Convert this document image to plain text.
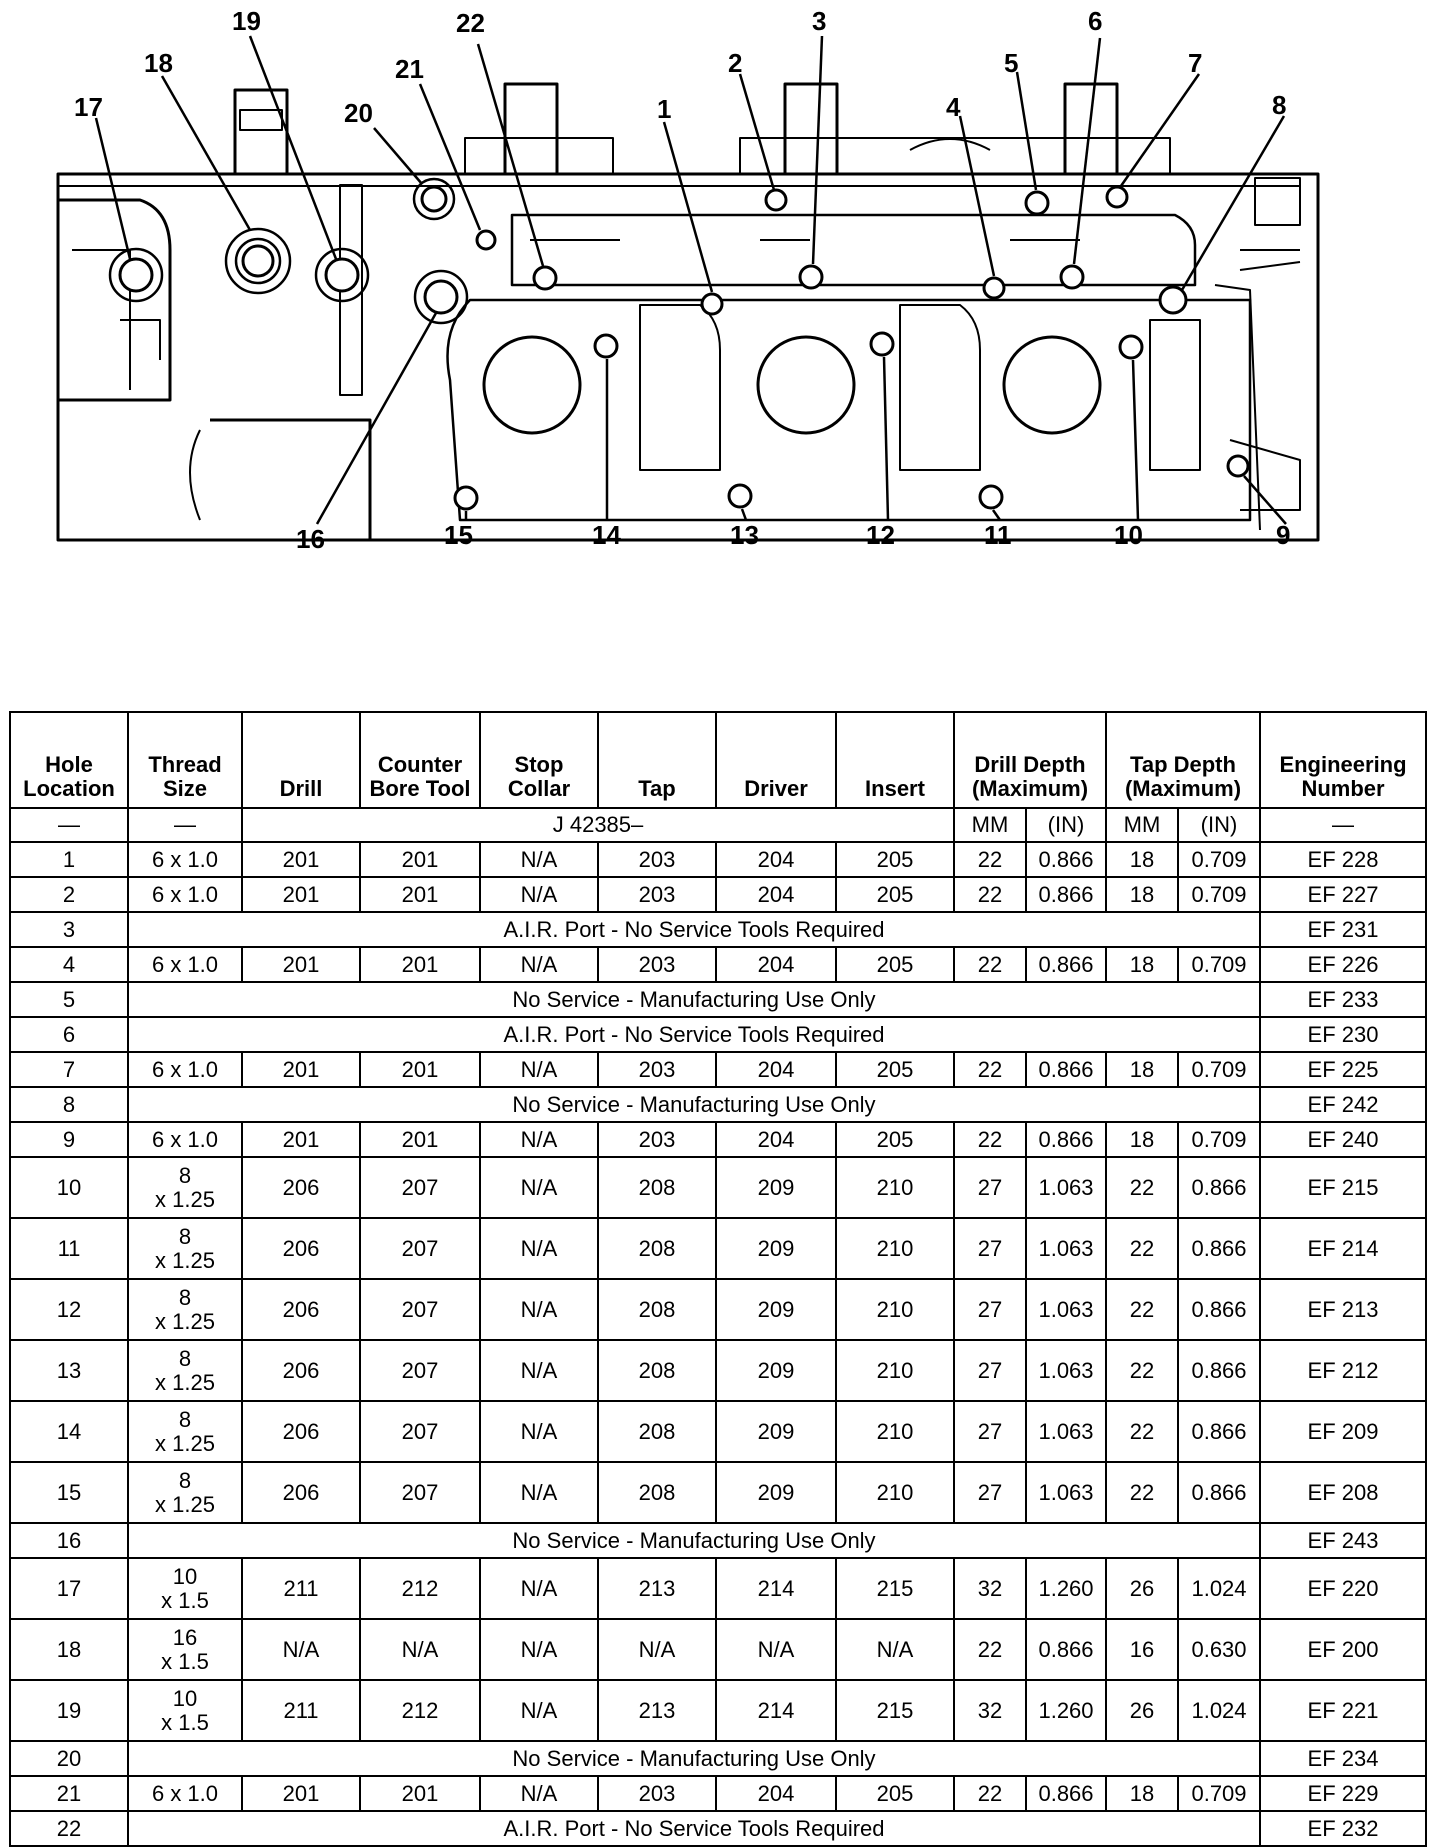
1
2
3
4
5
6
7
8
9
10
11
12
13
14
15
16
17
18
19
20
21
22
Hole Location	Thread Size	Drill	Counter Bore Tool	Stop Collar	Tap	Driver	Insert	Drill Depth (Maximum)		Tap Depth (Maximum)		Engineering Number
—	—	J 42385–						MM	(IN)	MM	(IN)	—
1	6 x 1.0	201	201	N/A	203	204	205	22	0.866	18	0.709	EF 228
2	6 x 1.0	201	201	N/A	203	204	205	22	0.866	18	0.709	EF 227
3	A.I.R. Port - No Service Tools Required											EF 231
4	6 x 1.0	201	201	N/A	203	204	205	22	0.866	18	0.709	EF 226
5	No Service - Manufacturing Use Only											EF 233
6	A.I.R. Port - No Service Tools Required											EF 230
7	6 x 1.0	201	201	N/A	203	204	205	22	0.866	18	0.709	EF 225
8	No Service - Manufacturing Use Only											EF 242
9	6 x 1.0	201	201	N/A	203	204	205	22	0.866	18	0.709	EF 240
10	8
x 1.25	206	207	N/A	208	209	210	27	1.063	22	0.866	EF 215
11	8
x 1.25	206	207	N/A	208	209	210	27	1.063	22	0.866	EF 214
12	8
x 1.25	206	207	N/A	208	209	210	27	1.063	22	0.866	EF 213
13	8
x 1.25	206	207	N/A	208	209	210	27	1.063	22	0.866	EF 212
14	8
x 1.25	206	207	N/A	208	209	210	27	1.063	22	0.866	EF 209
15	8
x 1.25	206	207	N/A	208	209	210	27	1.063	22	0.866	EF 208
16	No Service - Manufacturing Use Only											EF 243
17	10
x 1.5	211	212	N/A	213	214	215	32	1.260	26	1.024	EF 220
18	16
x 1.5	N/A	N/A	N/A	N/A	N/A	N/A	22	0.866	16	0.630	EF 200
19	10
x 1.5	211	212	N/A	213	214	215	32	1.260	26	1.024	EF 221
20	No Service - Manufacturing Use Only											EF 234
21	6 x 1.0	201	201	N/A	203	204	205	22	0.866	18	0.709	EF 229
22	A.I.R. Port - No Service Tools Required											EF 232
